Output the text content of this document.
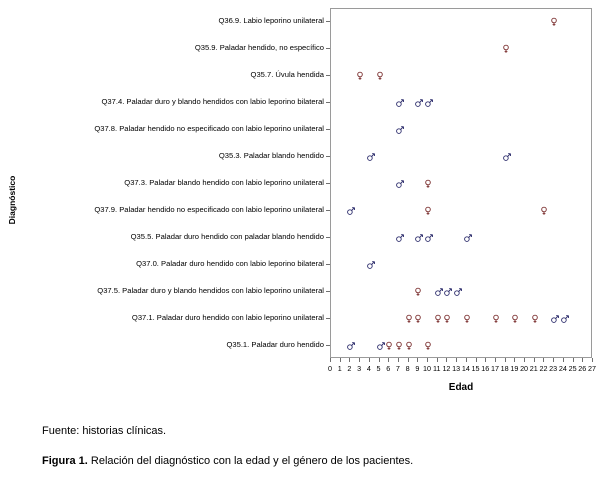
Diagnóstico
Q36.9. Labio leporino unilateral
Q35.9. Paladar hendido, no específico
Q35.7. Úvula hendida
Q37.4. Paladar duro y blando hendidos con labio leporino bilateral
Q37.8. Paladar hendido no especificado con labio leporino unilateral
Q35.3. Paladar blando hendido
Q37.3. Paladar blando hendido con labio leporino unilateral
Q37.9. Paladar hendido no especificado con labio leporino unilateral
Q35.5. Paladar duro hendido con paladar blando hendido
Q37.0. Paladar duro hendido con labio leporino bilateral
Q37.5. Paladar duro y blando hendidos con labio leporino unilateral
Q37.1. Paladar duro hendido con labio leporino unilateral
Q35.1. Paladar duro hendido
0 1 2 3 4 5 6 7 8 9 10 11 12 13 14 15 16 17 18 19 20 21 22 23 24 25 26 27
Edad
Fuente: historias clínicas.
Figura 1. Relación del diagnóstico con la edad y el género de los pacientes.
